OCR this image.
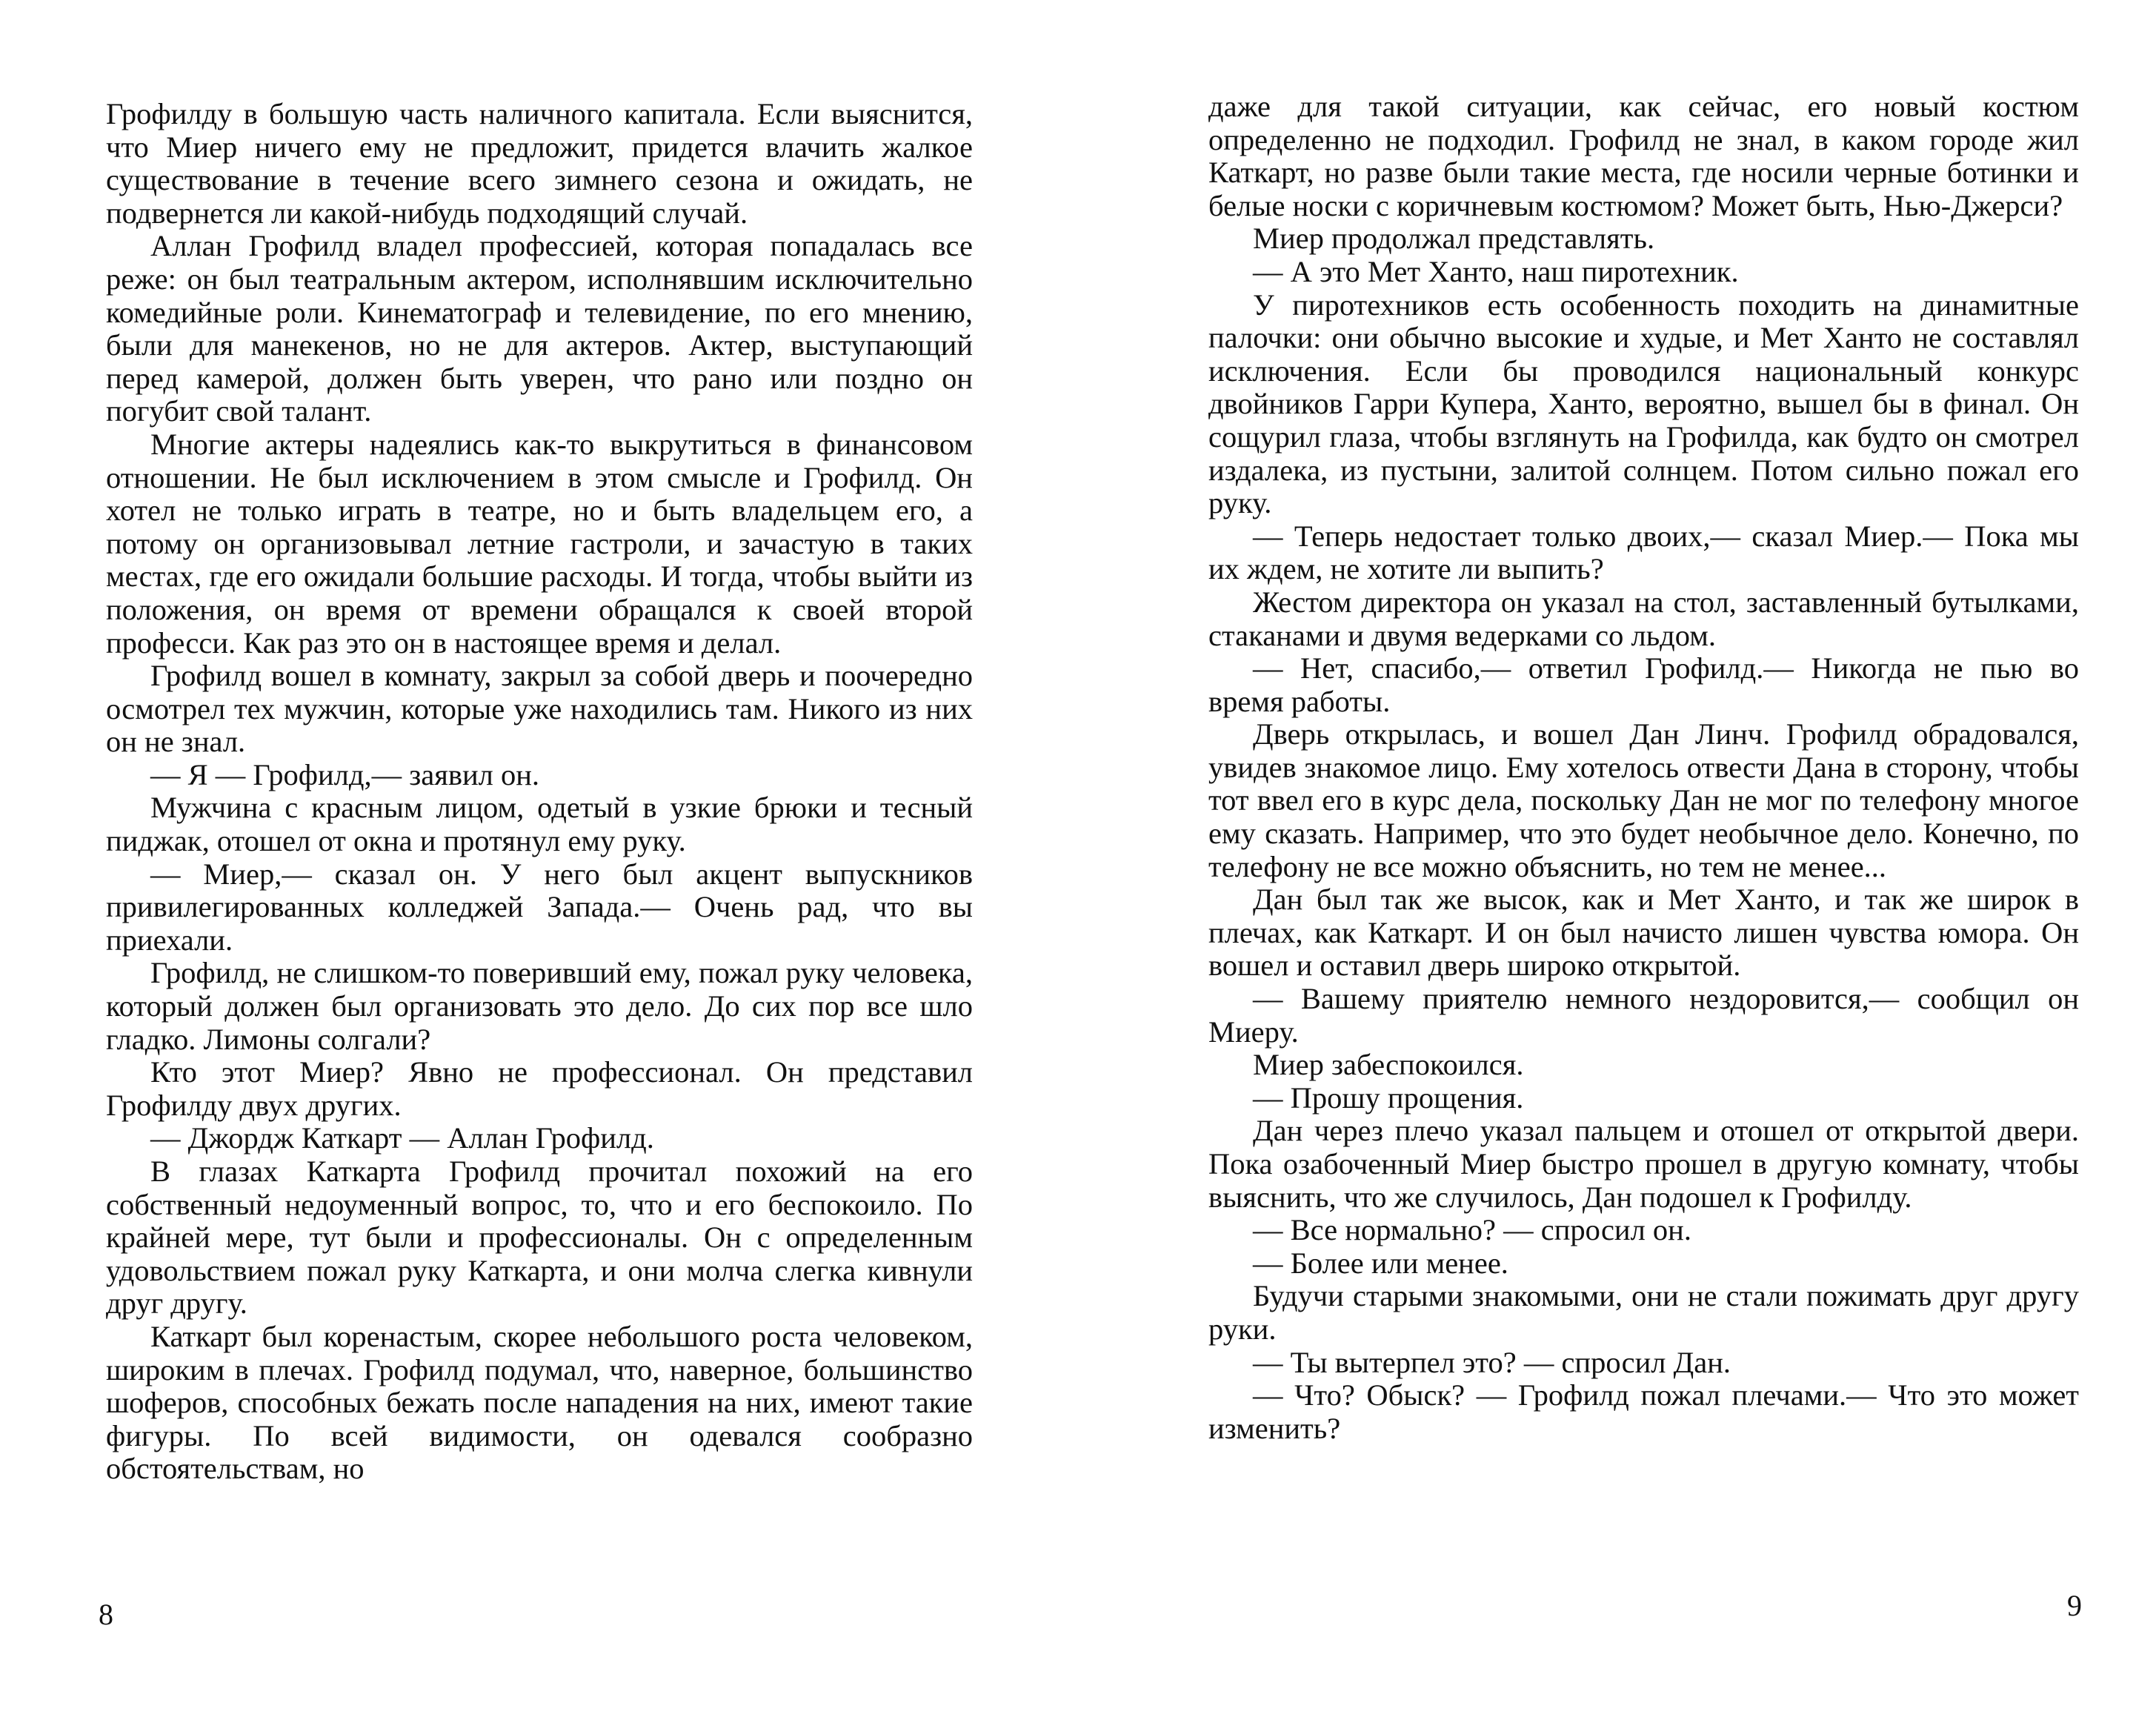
Грофилду в большую часть наличного капитала. Если выяснится, что Миер ничего ему не предложит, придется влачить жалкое существование в течение всего зимнего сезона и ожидать, не подвернется ли какой-нибудь подходящий случай.

Аллан Грофилд владел профессией, которая попадалась все реже: он был театральным актером, исполнявшим исключительно комедийные роли. Кинематограф и телевидение, по его мнению, были для манекенов, но не для актеров. Актер, выступающий перед камерой, должен быть уверен, что рано или поздно он погубит свой талант.

Многие актеры надеялись как-то выкрутиться в финансовом отношении. Не был исключением в этом смысле и Грофилд. Он хотел не только играть в театре, но и быть владельцем его, а потому он организовывал летние гастроли, и зачастую в таких местах, где его ожидали большие расходы. И тогда, чтобы выйти из положения, он время от времени обращался к своей второй професси. Как раз это он в настоящее время и делал.

Грофилд вошел в комнату, закрыл за собой дверь и поочередно осмотрел тех мужчин, которые уже находились там. Никого из них он не знал.

— Я — Грофилд,— заявил он.

Мужчина с красным лицом, одетый в узкие брюки и тесный пиджак, отошел от окна и протянул ему руку.

— Миер,— сказал он. У него был акцент выпускников привилегированных колледжей Запада.— Очень рад, что вы приехали.

Грофилд, не слишком-то поверивший ему, пожал руку человека, который должен был организовать это дело. До сих пор все шло гладко. Лимоны солгали?

Кто этот Миер? Явно не профессионал. Он представил Грофилду двух других.

— Джордж Каткарт — Аллан Грофилд.

В глазах Каткарта Грофилд прочитал похожий на его собственный недоуменный вопрос, то, что и его беспокоило. По крайней мере, тут были и профессионалы. Он с определенным удовольствием пожал руку Каткарта, и они молча слегка кивнули друг другу.

Каткарт был коренастым, скорее небольшого роста человеком, широким в плечах. Грофилд подумал, что, наверное, большинство шоферов, способных бежать после нападения на них, имеют такие фигуры. По всей видимости, он одевался сообразно обстоятельствам, но

8

даже для такой ситуации, как сейчас, его новый костюм определенно не подходил. Грофилд не знал, в каком городе жил Каткарт, но разве были такие места, где носили черные ботинки и белые носки с коричневым костюмом? Может быть, Нью-Джерси?

Миер продолжал представлять.

— А это Мет Ханто, наш пиротехник.

У пиротехников есть особенность походить на динамитные палочки: они обычно высокие и худые, и Мет Ханто не составлял исключения. Если бы проводился национальный конкурс двойников Гарри Купера, Ханто, вероятно, вышел бы в финал. Он сощурил глаза, чтобы взглянуть на Грофилда, как будто он смотрел издалека, из пустыни, залитой солнцем. Потом сильно пожал его руку.

— Теперь недостает только двоих,— сказал Миер.— Пока мы их ждем, не хотите ли выпить?

Жестом директора он указал на стол, заставленный бутылками, стаканами и двумя ведерками со льдом.

— Нет, спасибо,— ответил Грофилд.— Никогда не пью во время работы.

Дверь открылась, и вошел Дан Линч. Грофилд обрадовался, увидев знакомое лицо. Ему хотелось отвести Дана в сторону, чтобы тот ввел его в курс дела, поскольку Дан не мог по телефону многое ему сказать. Например, что это будет необычное дело. Конечно, по телефону не все можно объяснить, но тем не менее...

Дан был так же высок, как и Мет Ханто, и так же широк в плечах, как Каткарт. И он был начисто лишен чувства юмора. Он вошел и оставил дверь широко открытой.

— Вашему приятелю немного нездоровится,— сообщил он Миеру.

Миер забеспокоился.

— Прошу прощения.

Дан через плечо указал пальцем и отошел от открытой двери. Пока озабоченный Миер быстро прошел в другую комнату, чтобы выяснить, что же случилось, Дан подошел к Грофилду.

— Все нормально? — спросил он.

— Более или менее.

Будучи старыми знакомыми, они не стали пожимать друг другу руки.

— Ты вытерпел это? — спросил Дан.

— Что? Обыск? — Грофилд пожал плечами.— Что это может изменить?

9
